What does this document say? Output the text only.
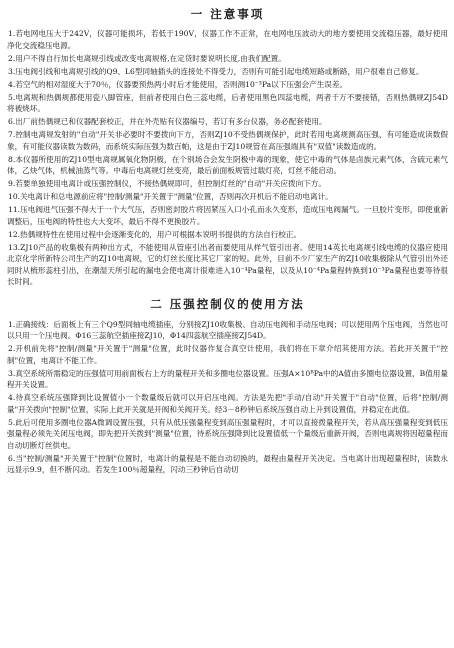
一 注意事项
1.若电网电压大于242V，仪器可能损坏，若低于190V，仪器工作不正常，在电网电压波动大的地方要使用交流稳压器，最好使用净化交流稳压电源。
2.用户不得自行加长电离规引线或改变电离规格,在定货时要说明长度,由我们配置。
3.压电阀引线和电离规引线的Q9、L6型同轴插头的连接处不得受力，否则有可能引起电缆短路或断路，用户很难自己修复。
4.若空气的相对湿度大于70％，仪器要预热两小时后才能使用，否则测10⁻³Pa以下压强会产生误差。
5.电离规和热偶规都使用瓷八脚管座，但前者使用白色三蕊电缆，后者使用黑色四蕊电缆，两者千万不要接错，否则热偶规ZJ54D将被烧坏。
6.出厂前热偶规已和仪器配套校正，并在外壳贴有仪器编号，若订有多台仪器，务必配套使用。
7.控制电离规发射的"自动"开关非必要时不要拨向下方，否则ZJ10不受热偶规保护，此时若用电离规测高压强，有可能造成读数假象，有可能仪器读数为数码，而系统实际压强为数百帕，这是由于ZJ10规管在高压强端具有"双值"读数造成的。
8.本仪器所使用的ZJ10型电离规属氧化物阴极，在个别场合会发生阴极中毒的现象，使它中毒的气体是卤族元素气体，含硫元素气体，乙炔气体，机械油蒸气等。中毒后电离规灯丝变亮，最后前面板规管过载灯亮，灯丝不能启动。
9.若要单独使用电离计或压强控制仪，不接热偶规即可，但控制灯丝的"自动"开关应拨向下方。
10.关电离计和总电源前应将"控制/测量"开关置于"测量"位置，否则再次开机后不能启动电离计。
11.压电阀进气压强不得大于一个大气压，否则密封胶片将因紧压入口小孔而永久变形，造成压电阀漏气。一旦胶片变形，即使重新调整后，压电阀的特性也大大变坏，最后不得不更换胶片。
12.热偶规特性在使用过程中会逐渐变化的，用户可根据本说明书提供的方法自行校正。
13.ZJ10产品的收集极有两种出方式，不能使用从管座引出者而要使用从样气管引出者。使用14英长电离规引线电缆的仪器应使用北京化学所新特公司生产的ZJ10电离规，它的灯丝长度比其它厂家的短。此外，目前不少厂家生产的ZJ10收集极除从气管引出外还同时从梳形蕊柱引出，在潮湿天所引起的漏电会使电离计很难进入10⁻⁴Pa量程，以及从10⁻⁴Pa量程转换到10⁻³Pa量程也要等待很长时间。
二 压强控制仪的使用方法
1.正确接线：后面板上有三个Q9型同轴电缆插座，分别接ZJ10收集极、自动压电阀和手动压电阀；可以使用两个压电阀，当然也可以只用一个压电阀。Φ16三蕊航空插座接ZJ10，Φ14四蕊航空插座接ZJ54D。
2.开机前先将"控制/测量"开关置于"测量"位置，此时仪器作复合真空计使用，我们将在下章介绍其使用方法。若此开关置于"控制"位置，电离计不能工作。
3.真空系统所需稳定的压强值可用前面板右上方的量程开关和多圈电位器设置。压强A×10ᴮPa中的A值由多圈电位器设置，B值用量程开关设置。
4.待真空系统压强降到比设置值小一个数量级后就可以开启压电阀。方法是先把"手动/自动"开关置于"自动"位置，后将"控制/测量"开关拨向"控制"位置，实际上此开关就是开阀和关阀开关。经3－8秒钟后系统压强自动上升到设置值，并稳定在此值。
5.此后可使用多圈电位器A微调设置压强，只有从低压强量程变到高压强量程时，才可以直接拨量程开关，若从高压强量程变到低压强量程必须先关闭压电阀，即先把开关拨到"测量"位置，待系统压强降到比设置值低一个量级后重新开阀，否则电离规将因超量程而自动切断灯丝供电。
6.当"控制/测量"开关置于"控制"位置时，电离计的量程是不能自动切换的，最程由量程开关决定。当电离计出现超量程时，读数永远显示9.9，但不断闪动。若发生100％超量程，闪动三秒钟后自动切
